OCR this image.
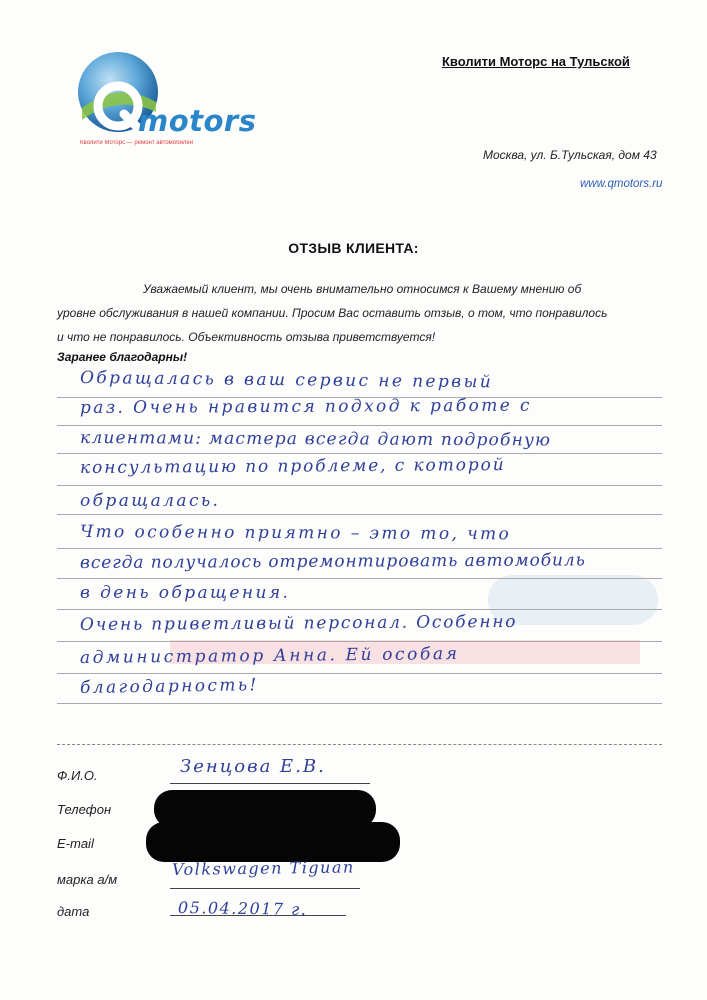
motors
Кволити Моторс — ремонт автомобилей
Кволити Моторс на Тульской
Москва, ул. Б.Тульская, дом 43
www.qmotors.ru
ОТЗЫВ КЛИЕНТА:
Уважаемый клиент, мы очень внимательно относимся к Вашему мнению об
уровне обслуживания в нашей компании. Просим Вас оставить отзыв, о том, что понравилось
и что не понравилось. Объективность отзыва приветствуется!
Заранее благодарны!
Обращалась в ваш сервис не первый
раз. Очень нравится подход к работе с
клиентами: мастера всегда дают подробную
консультацию по проблеме, с которой
обращалась.
Что особенно приятно – это то, что
всегда получалось отремонтировать автомобиль
в день обращения.
Очень приветливый персонал. Особенно
администратор Анна. Ей особая
благодарность!
Ф.И.О.	Зенцова Е.В.
Телефон
E-mail
марка а/м
Volkswagen Tiguan
дата	05.04.2017 г.
